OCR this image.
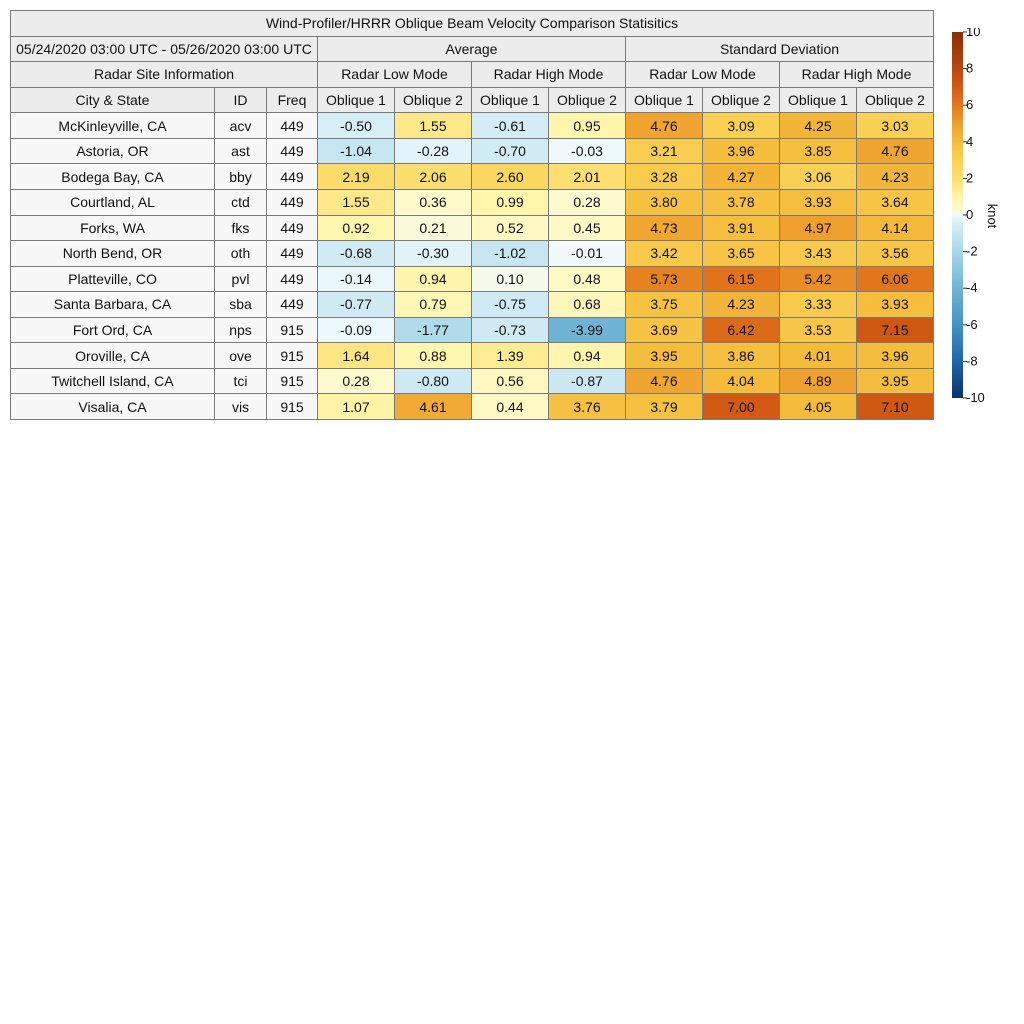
Wind-Profiler/HRRR Oblique Beam Velocity Comparison Statisitics										
05/24/2020 03:00 UTC - 05/26/2020 03:00 UTC			Average				Standard Deviation			
Radar Site Information			Radar Low Mode		Radar High Mode		Radar Low Mode		Radar High Mode	
City & State	ID	Freq	Oblique 1	Oblique 2	Oblique 1	Oblique 2	Oblique 1	Oblique 2	Oblique 1	Oblique 2
McKinleyville, CA	acv	449	-0.50	1.55	-0.61	0.95	4.76	3.09	4.25	3.03
Astoria, OR	ast	449	-1.04	-0.28	-0.70	-0.03	3.21	3.96	3.85	4.76
Bodega Bay, CA	bby	449	2.19	2.06	2.60	2.01	3.28	4.27	3.06	4.23
Courtland, AL	ctd	449	1.55	0.36	0.99	0.28	3.80	3.78	3.93	3.64
Forks, WA	fks	449	0.92	0.21	0.52	0.45	4.73	3.91	4.97	4.14
North Bend, OR	oth	449	-0.68	-0.30	-1.02	-0.01	3.42	3.65	3.43	3.56
Platteville, CO	pvl	449	-0.14	0.94	0.10	0.48	5.73	6.15	5.42	6.06
Santa Barbara, CA	sba	449	-0.77	0.79	-0.75	0.68	3.75	4.23	3.33	3.93
Fort Ord, CA	nps	915	-0.09	-1.77	-0.73	-3.99	3.69	6.42	3.53	7.15
Oroville, CA	ove	915	1.64	0.88	1.39	0.94	3.95	3.86	4.01	3.96
Twitchell Island, CA	tci	915	0.28	-0.80	0.56	-0.87	4.76	4.04	4.89	3.95
Visalia, CA	vis	915	1.07	4.61	0.44	3.76	3.79	7.00	4.05	7.10
10
8
6
4
2
0
-2
-4
-6
-8
-10
knot
